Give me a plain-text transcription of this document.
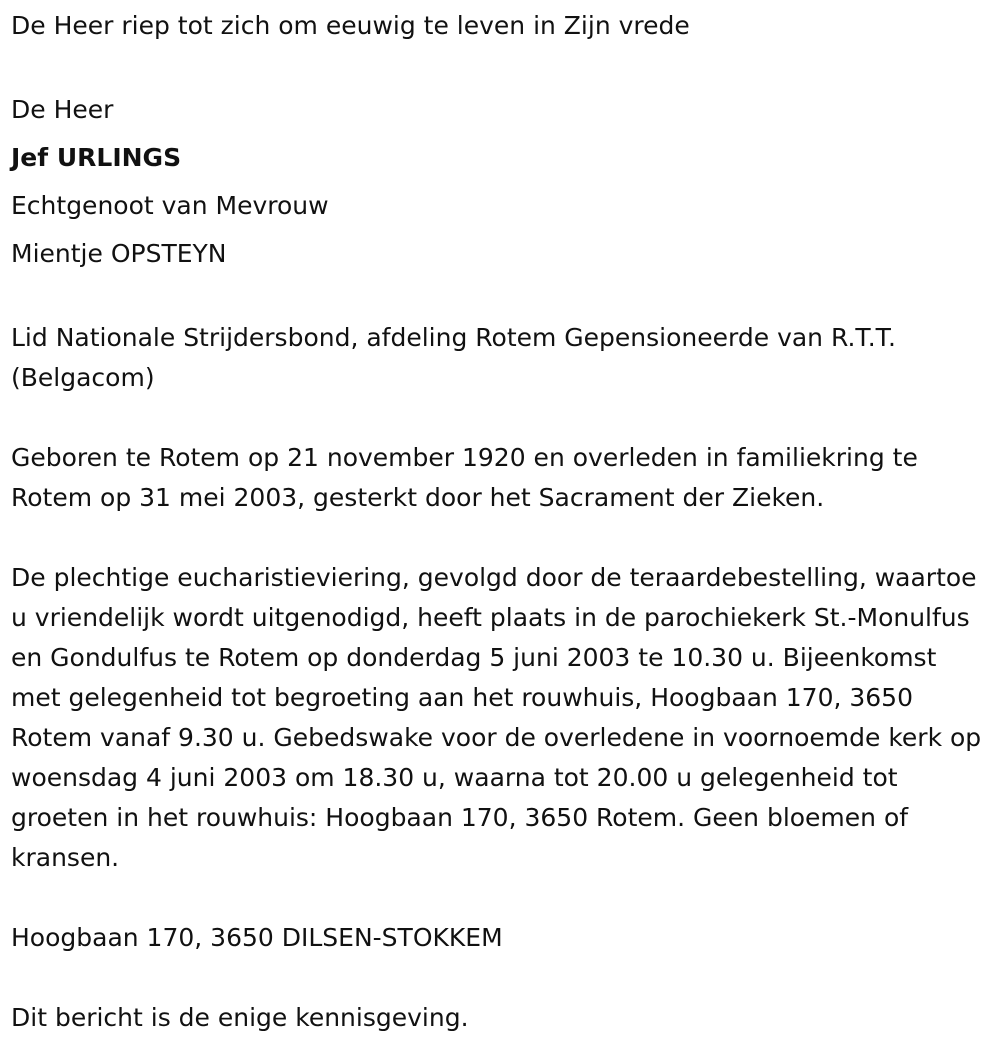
De Heer riep tot zich om eeuwig te leven in Zijn vrede

De Heer

Jef URLINGS

Echtgenoot van Mevrouw

Mientje OPSTEYN

Lid Nationale Strijdersbond, afdeling Rotem Gepensioneerde van R.T.T. (Belgacom)

Geboren te Rotem op 21 november 1920 en overleden in familiekring te Rotem op 31 mei 2003, gesterkt door het Sacrament der Zieken.

De plechtige eucharistieviering, gevolgd door de teraardebestelling, waartoe u vriendelijk wordt uitgenodigd, heeft plaats in de parochiekerk St.-Monulfus en Gondulfus te Rotem op donderdag 5 juni 2003 te 10.30 u. Bijeenkomst met gelegenheid tot begroeting aan het rouwhuis, Hoogbaan 170, 3650 Rotem vanaf 9.30 u. Gebedswake voor de overledene in voornoemde kerk op woensdag 4 juni 2003 om 18.30 u, waarna tot 20.00 u gelegenheid tot groeten in het rouwhuis: Hoogbaan 170, 3650 Rotem. Geen bloemen of kransen.

Hoogbaan 170, 3650 DILSEN-STOKKEM

Dit bericht is de enige kennisgeving.
